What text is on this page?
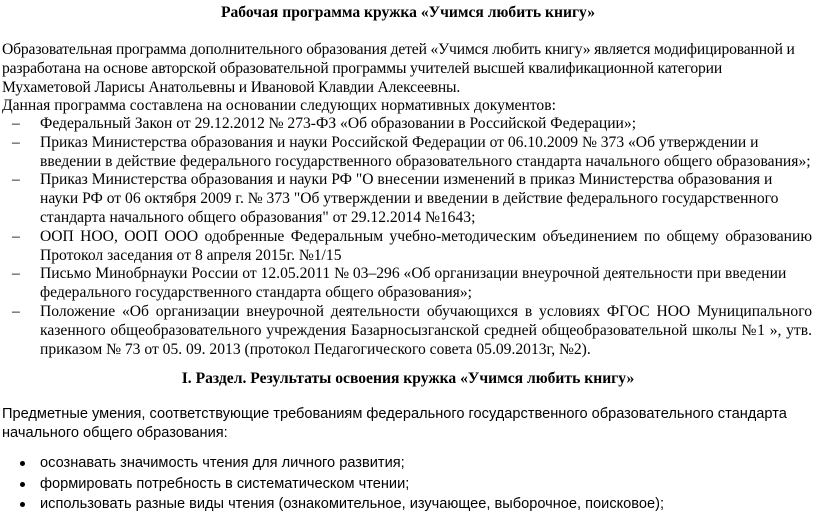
Рабочая программа кружка «Учимся любить книгу»
Образовательная программа дополнительного образования детей «Учимся любить книгу» является модифицированной и разработана на основе авторской образовательной программы учителей высшей квалификационной категории Мухаметовой Ларисы Анатольевны и Ивановой Клавдии Алексеевны.
Данная программа составлена на основании следующих нормативных документов:
– Федеральный Закон от 29.12.2012 № 273-ФЗ «Об образовании в Российской Федерации»;
– Приказ Министерства образования и науки Российской Федерации от 06.10.2009 № 373 «Об утверждении и введении в действие федерального государственного образовательного стандарта начального общего образования»;
– Приказ Министерства образования и науки РФ "О внесении изменений в приказ Министерства образования и науки РФ от 06 октября 2009 г. № 373 "Об утверждении и введении в действие федерального государственного стандарта начального общего образования" от 29.12.2014 №1643;
– ООП НОО, ООП ООО одобренные Федеральным учебно-методическим объединением по общему образованию Протокол заседания от 8 апреля 2015г. №1/15
– Письмо Минобрнауки России от 12.05.2011 № 03–296 «Об организации внеурочной деятельности при введении федерального государственного стандарта общего образования»;
– Положение «Об организации внеурочной деятельности обучающихся в условиях ФГОС НОО Муниципального казенного общеобразовательного учреждения Базарносызганской средней общеобразовательной школы №1 », утв. приказом № 73 от 05. 09. 2013 (протокол Педагогического совета 05.09.2013г, №2).
I. Раздел. Результаты освоения кружка «Учимся любить книгу»
Предметные умения, соответствующие требованиям федерального государственного образовательного стандарта начального общего образования:
осознавать значимость чтения для личного развития;
формировать потребность в систематическом чтении;
использовать разные виды чтения (ознакомительное, изучающее, выборочное, поисковое);
